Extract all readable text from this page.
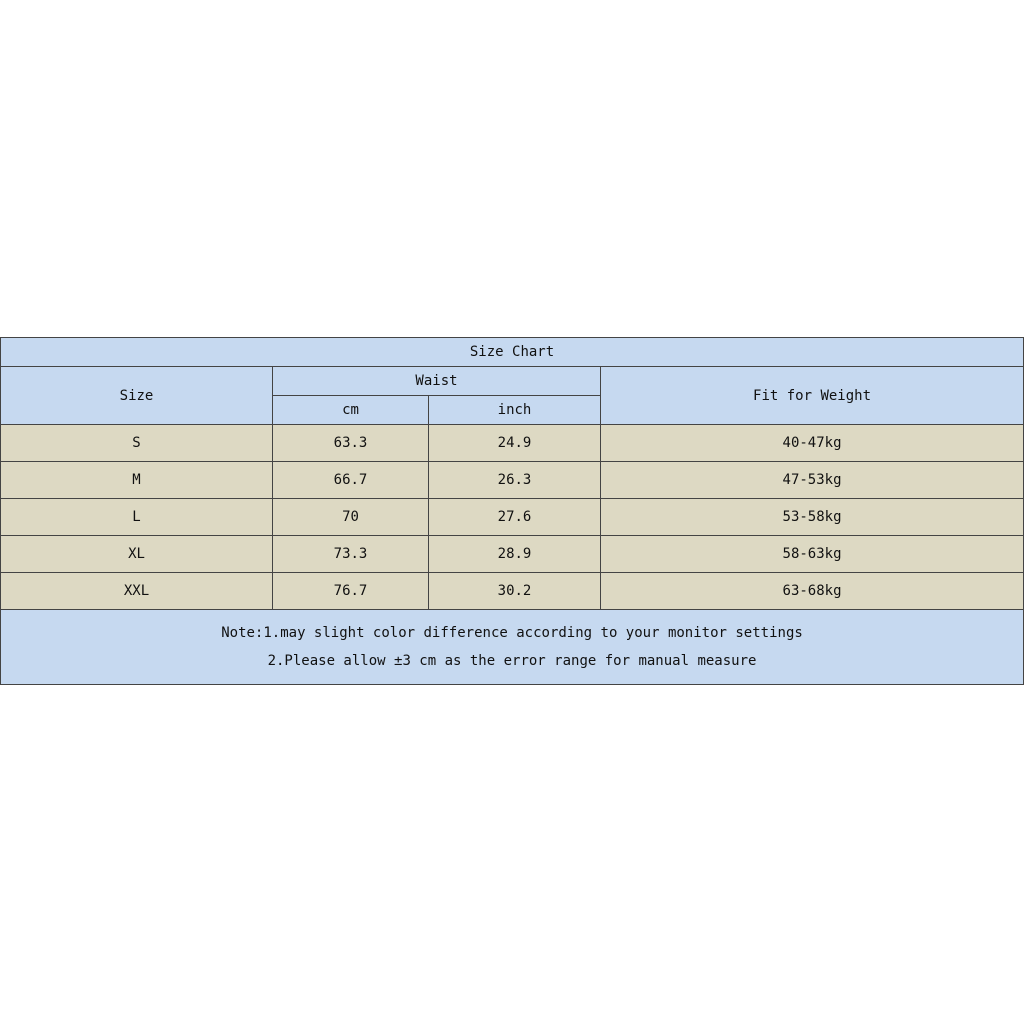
Size Chart			
Size	Waist		Fit for Weight
	cm	inch	
S	63.3	24.9	40-47kg
M	66.7	26.3	47-53kg
L	70	27.6	53-58kg
XL	73.3	28.9	58-63kg
XXL	76.7	30.2	63-68kg

Note:1.may slight color difference according to your monitor settings
2.Please allow ±3 cm as the error range for manual measure			
